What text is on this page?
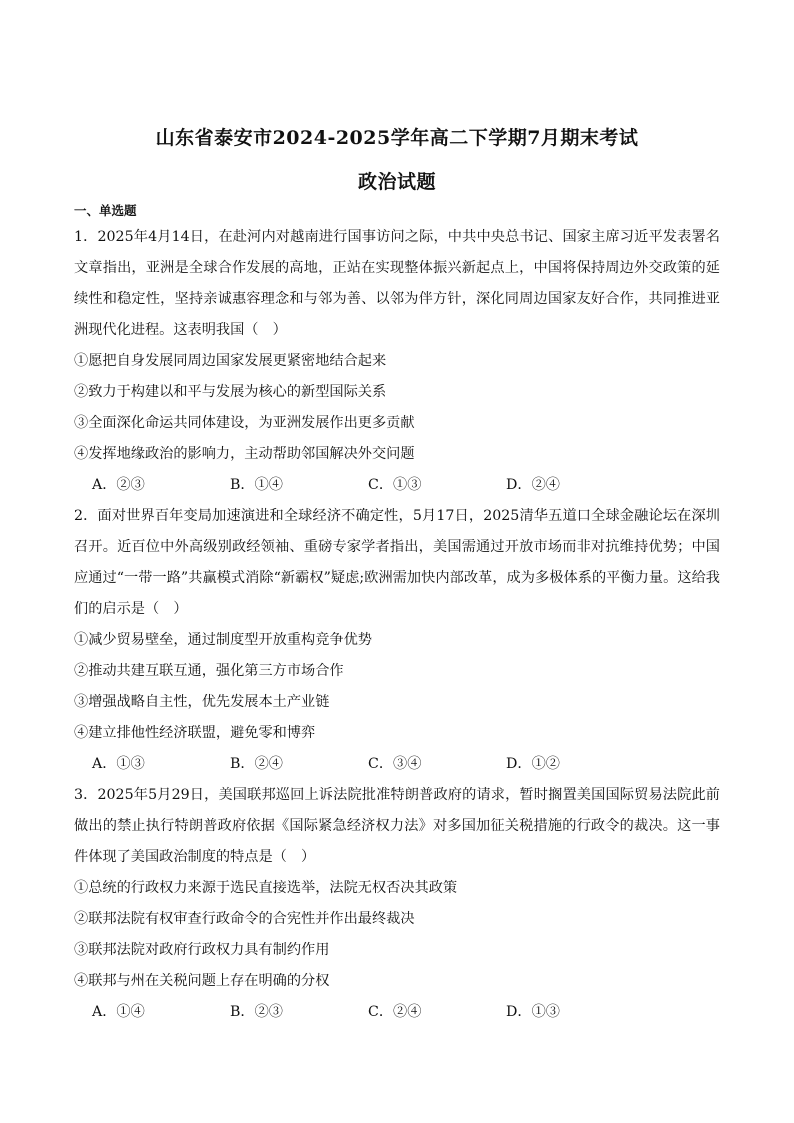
山东省泰安市2024-2025学年高二下学期7月期末考试
政治试题
一、单选题

1．2025年4月14日，在赴河内对越南进行国事访问之际，中共中央总书记、国家主席习近平发表署名文章指出，亚洲是全球合作发展的高地，正站在实现整体振兴新起点上，中国将保持周边外交政策的延续性和稳定性，坚持亲诚惠容理念和与邻为善、以邻为伴方针，深化同周边国家友好合作，共同推进亚洲现代化进程。这表明我国（　）

①愿把自身发展同周边国家发展更紧密地结合起来

②致力于构建以和平与发展为核心的新型国际关系

③全面深化命运共同体建设，为亚洲发展作出更多贡献

④发挥地缘政治的影响力，主动帮助邻国解决外交问题

A．②③	B．①④	C．①③	D．②④

2．面对世界百年变局加速演进和全球经济不确定性，5月17日，2025清华五道口全球金融论坛在深圳召开。近百位中外高级别政经领袖、重磅专家学者指出，美国需通过开放市场而非对抗维持优势；中国应通过“一带一路”共赢模式消除“新霸权”疑虑;欧洲需加快内部改革，成为多极体系的平衡力量。这给我们的启示是（　）

①减少贸易壁垒，通过制度型开放重构竞争优势

②推动共建互联互通，强化第三方市场合作

③增强战略自主性，优先发展本土产业链

④建立排他性经济联盟，避免零和博弈

A．①③	B．②④	C．③④	D．①②

3．2025年5月29日，美国联邦巡回上诉法院批准特朗普政府的请求，暂时搁置美国国际贸易法院此前做出的禁止执行特朗普政府依据《国际紧急经济权力法》对多国加征关税措施的行政令的裁决。这一事件体现了美国政治制度的特点是（　）

①总统的行政权力来源于选民直接选举，法院无权否决其政策

②联邦法院有权审查行政命令的合宪性并作出最终裁决

③联邦法院对政府行政权力具有制约作用

④联邦与州在关税问题上存在明确的分权

A．①④	B．②③	C．②④	D．①③
